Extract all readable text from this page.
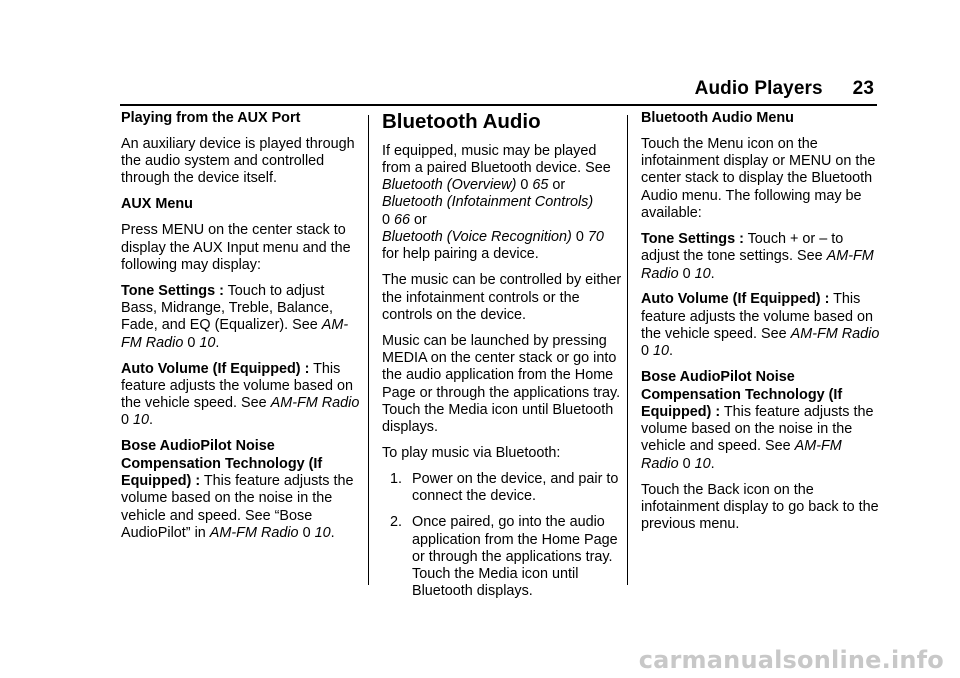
Audio Players 23

Playing from the AUX Port

An auxiliary device is played through the audio system and controlled through the device itself.

AUX Menu

Press MENU on the center stack to display the AUX Input menu and the following may display:

Tone Settings : Touch to adjust Bass, Midrange, Treble, Balance, Fade, and EQ (Equalizer). See AM-FM Radio 0 10.

Auto Volume (If Equipped) : This feature adjusts the volume based on the vehicle speed. See AM-FM Radio 0 10.

Bose AudioPilot Noise Compensation Technology (If Equipped) : This feature adjusts the volume based on the noise in the vehicle and speed. See “Bose AudioPilot” in AM-FM Radio 0 10.

Bluetooth Audio

If equipped, music may be played from a paired Bluetooth device. See Bluetooth (Overview) 0 65 or
Bluetooth (Infotainment Controls)
0 66 or
Bluetooth (Voice Recognition) 0 70
for help pairing a device.

The music can be controlled by either the infotainment controls or the controls on the device.

Music can be launched by pressing MEDIA on the center stack or go into the audio application from the Home Page or through the applications tray. Touch the Media icon until Bluetooth displays.

To play music via Bluetooth:

1. Power on the device, and pair to connect the device.
2. Once paired, go into the audio application from the Home Page or through the applications tray. Touch the Media icon until Bluetooth displays.

Bluetooth Audio Menu

Touch the Menu icon on the infotainment display or MENU on the center stack to display the Bluetooth Audio menu. The following may be available:

Tone Settings : Touch + or – to adjust the tone settings. See AM-FM Radio 0 10.

Auto Volume (If Equipped) : This feature adjusts the volume based on the vehicle speed. See AM-FM Radio 0 10.

Bose AudioPilot Noise Compensation Technology (If Equipped) : This feature adjusts the volume based on the noise in the vehicle and speed. See AM-FM Radio 0 10.

Touch the Back icon on the infotainment display to go back to the previous menu.

carmanualsonline.info
